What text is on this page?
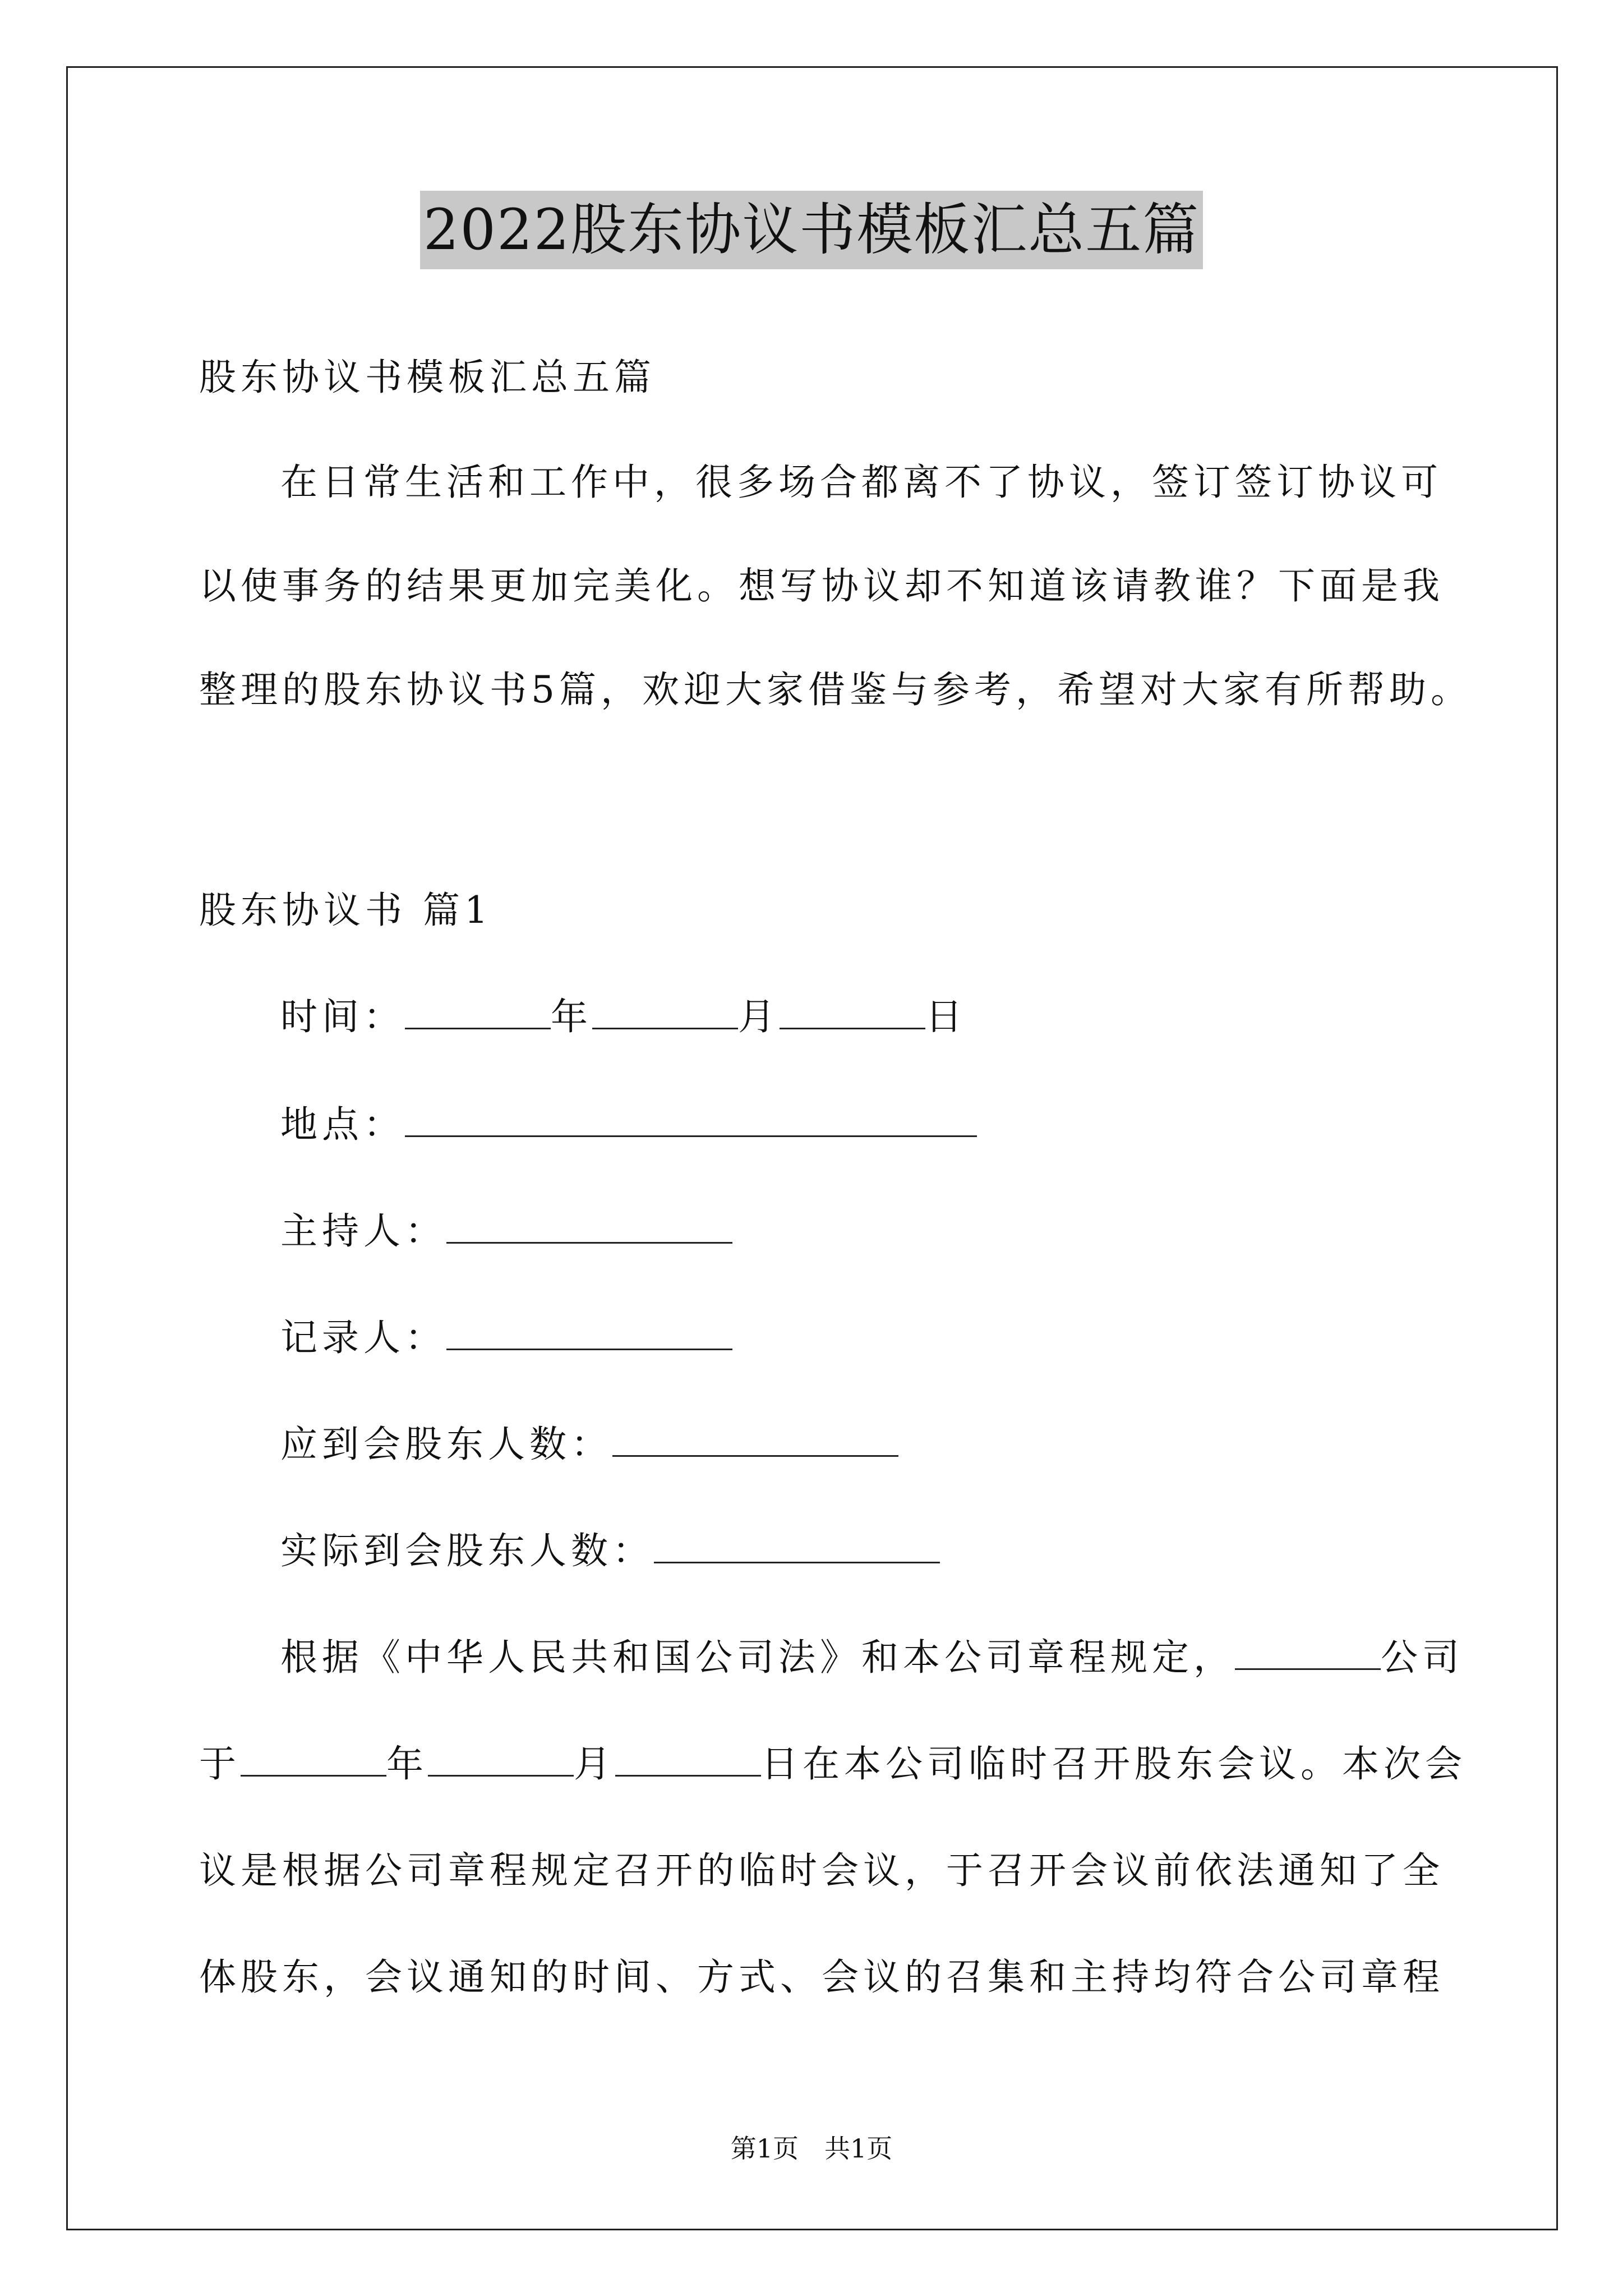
2022股东协议书模板汇总五篇
股东协议书模板汇总五篇
在日常生活和工作中，很多场合都离不了协议，签订签订协议可
以使事务的结果更加完美化。想写协议却不知道该请教谁？下面是我
整理的股东协议书5篇，欢迎大家借鉴与参考，希望对大家有所帮助。
股东协议书 篇1
时间：	年	月	日
地点：
主持人：
记录人：
应到会股东人数：
实际到会股东人数：
根据《中华人民共和国公司法》和本公司章程规定，	公司
于	年	月	日在本公司临时召开股东会议。本次会
议是根据公司章程规定召开的临时会议，于召开会议前依法通知了全
体股东，会议通知的时间、方式、会议的召集和主持均符合公司章程
第1页　共1页
